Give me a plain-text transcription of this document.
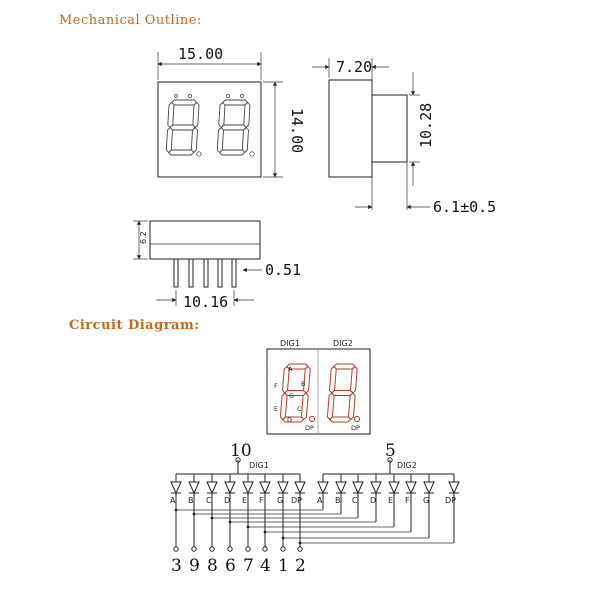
Mechanical Outline:
Circuit Diagram:
15.00
14.00
7.20
10.28
6.1±0.5
6.2
0.51
10.16
DIG1	DIG2
A
B
C
D
E
F
G
DP	DP
10	5
DIG1	DIG2
A B C D E F G DP A B C D E F G DP
3 9 8 6 7 4 1 2
